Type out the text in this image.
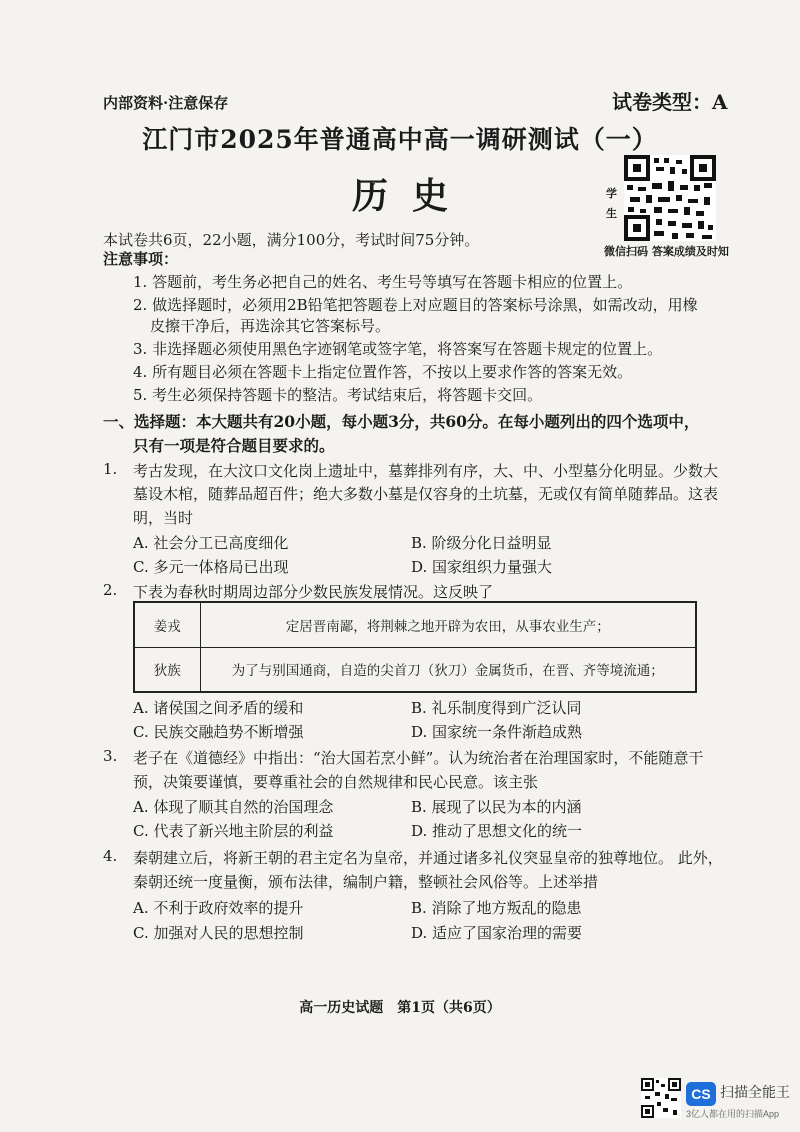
内部资料·注意保存	试卷类型：A
江门市2025年普通高中高一调研测试（一）
历史	学生
微信扫码 答案成绩及时知
本试卷共6页，22小题，满分100分，考试时间75分钟。
注意事项：
1. 答题前，考生务必把自己的姓名、考生号等填写在答题卡相应的位置上。
2. 做选择题时，必须用2B铅笔把答题卷上对应题目的答案标号涂黑，如需改动，用橡
皮擦干净后，再选涂其它答案标号。
3. 非选择题必须使用黑色字迹钢笔或签字笔，将答案写在答题卡规定的位置上。
4. 所有题目必须在答题卡上指定位置作答，不按以上要求作答的答案无效。
5. 考生必须保持答题卡的整洁。考试结束后，将答题卡交回。
一、选择题：本大题共有20小题，每小题3分，共60分。在每小题列出的四个选项中，
只有一项是符合题目要求的。
1. 考古发现，在大汶口文化岗上遗址中，墓葬排列有序，大、中、小型墓分化明显。少数大
墓设木棺，随葬品超百件；绝大多数小墓是仅容身的土坑墓，无或仅有简单随葬品。这表
明，当时
A. 社会分工已高度细化	B. 阶级分化日益明显
C. 多元一体格局已出现	D. 国家组织力量强大
2. 下表为春秋时期周边部分少数民族发展情况。这反映了
姜戎	定居晋南鄙，将荆棘之地开辟为农田，从事农业生产；
狄族	为了与别国通商，自造的尖首刀（狄刀）金属货币，在晋、齐等境流通；
A. 诸侯国之间矛盾的缓和	B. 礼乐制度得到广泛认同
C. 民族交融趋势不断增强	D. 国家统一条件渐趋成熟
3. 老子在《道德经》中指出：“治大国若烹小鲜”。认为统治者在治理国家时，不能随意干
预，决策要谨慎，要尊重社会的自然规律和民心民意。该主张
A. 体现了顺其自然的治国理念	B. 展现了以民为本的内涵
C. 代表了新兴地主阶层的利益	D. 推动了思想文化的统一
4. 秦朝建立后，将新王朝的君主定名为皇帝，并通过诸多礼仪突显皇帝的独尊地位。 此外，
秦朝还统一度量衡，颁布法律，编制户籍，整顿社会风俗等。上述举措
A. 不利于政府效率的提升	B. 消除了地方叛乱的隐患
C. 加强对人民的思想控制	D. 适应了国家治理的需要
高一历史试题　第1页（共6页）
CS 扫描全能王
3亿人都在用的扫描App
